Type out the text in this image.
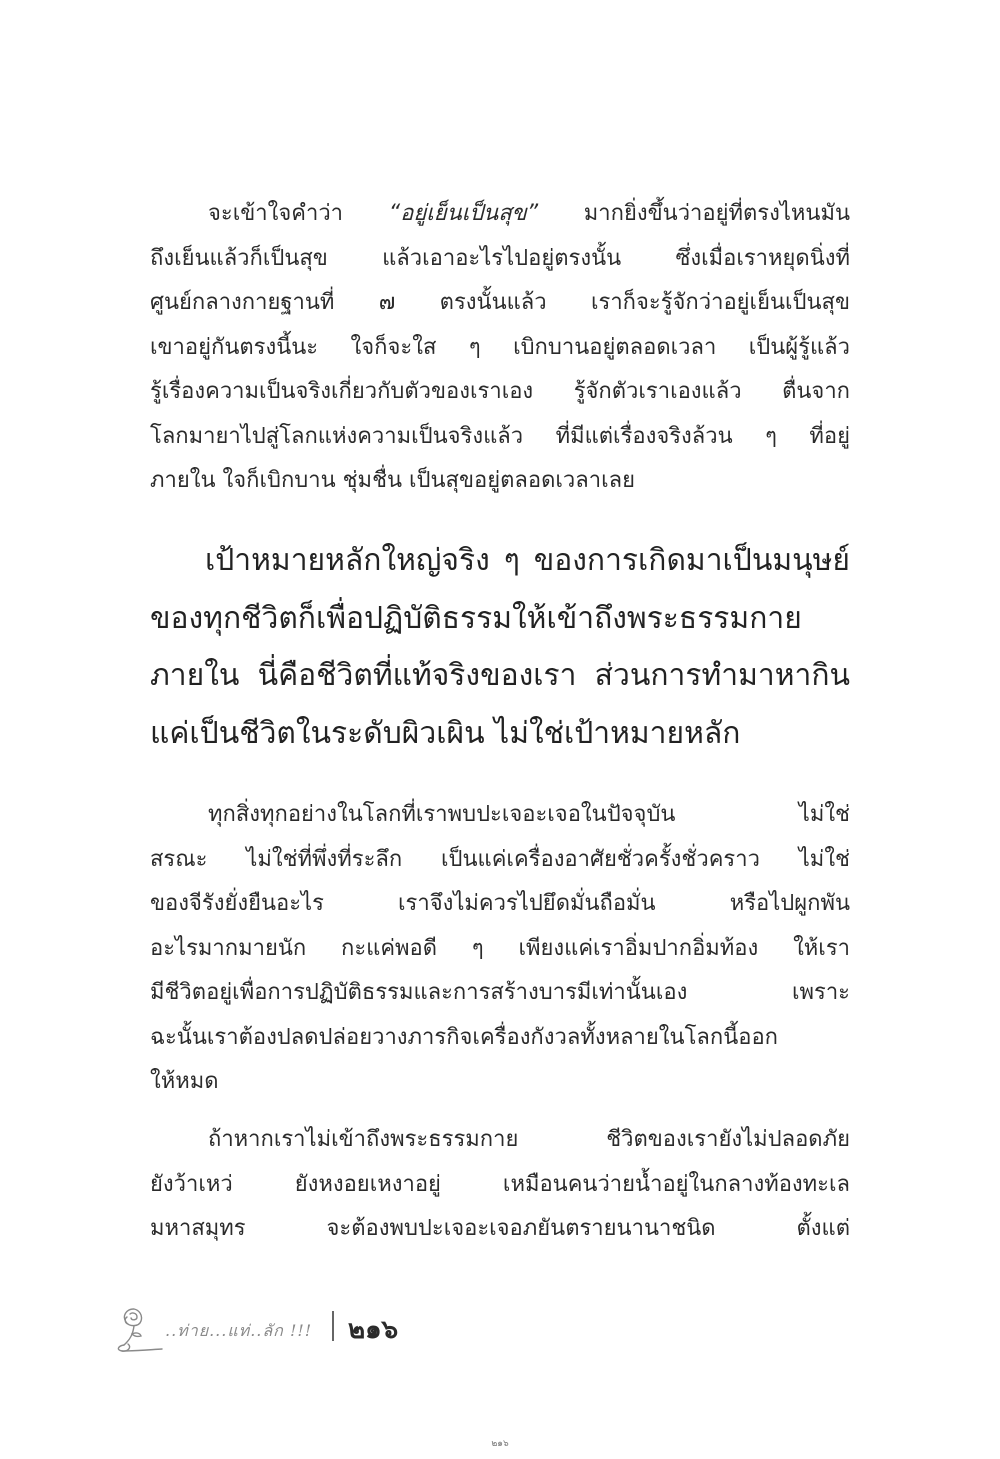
จะเข้าใจคำว่า “อยู่เย็นเป็นสุข” มากยิ่งขึ้นว่าอยู่ที่ตรงไหนมัน
ถึงเย็นแล้วก็เป็นสุข แล้วเอาอะไรไปอยู่ตรงนั้น ซึ่งเมื่อเราหยุดนิ่งที่
ศูนย์กลางกายฐานที่ ๗ ตรงนั้นแล้ว เราก็จะรู้จักว่าอยู่เย็นเป็นสุข
เขาอยู่กันตรงนี้นะ ใจก็จะใส ๆ เบิกบานอยู่ตลอดเวลา เป็นผู้รู้แล้ว
รู้เรื่องความเป็นจริงเกี่ยวกับตัวของเราเอง รู้จักตัวเราเองแล้ว ตื่นจาก
โลกมายาไปสู่โลกแห่งความเป็นจริงแล้ว ที่มีแต่เรื่องจริงล้วน ๆ ที่อยู่
ภายใน ใจก็เบิกบาน ชุ่มชื่น เป็นสุขอยู่ตลอดเวลาเลย
เป้าหมายหลักใหญ่จริง ๆ ของการเกิดมาเป็นมนุษย์
ของทุกชีวิตก็เพื่อปฏิบัติธรรมให้เข้าถึงพระธรรมกาย
ภายใน นี่คือชีวิตที่แท้จริงของเรา ส่วนการทำมาหากิน
แค่เป็นชีวิตในระดับผิวเผิน ไม่ใช่เป้าหมายหลัก
ทุกสิ่งทุกอย่างในโลกที่เราพบปะเจอะเจอในปัจจุบัน ไม่ใช่
สรณะ ไม่ใช่ที่พึ่งที่ระลึก เป็นแค่เครื่องอาศัยชั่วครั้งชั่วคราว ไม่ใช่
ของจีรังยั่งยืนอะไร เราจึงไม่ควรไปยึดมั่นถือมั่น หรือไปผูกพัน
อะไรมากมายนัก กะแค่พอดี ๆ เพียงแค่เราอิ่มปากอิ่มท้อง ให้เรา
มีชีวิตอยู่เพื่อการปฏิบัติธรรมและการสร้างบารมีเท่านั้นเอง เพราะ
ฉะนั้นเราต้องปลดปล่อยวางภารกิจเครื่องกังวลทั้งหลายในโลกนี้ออก
ให้หมด
ถ้าหากเราไม่เข้าถึงพระธรรมกาย ชีวิตของเรายังไม่ปลอดภัย
ยังว้าเหว่ ยังหงอยเหงาอยู่ เหมือนคนว่ายน้ำอยู่ในกลางท้องทะเล
มหาสมุทร จะต้องพบปะเจอะเจอภยันตรายนานาชนิด ตั้งแต่
..ท่าย...แท่..ลัก !!! ๒๑๖
๒๑๖
